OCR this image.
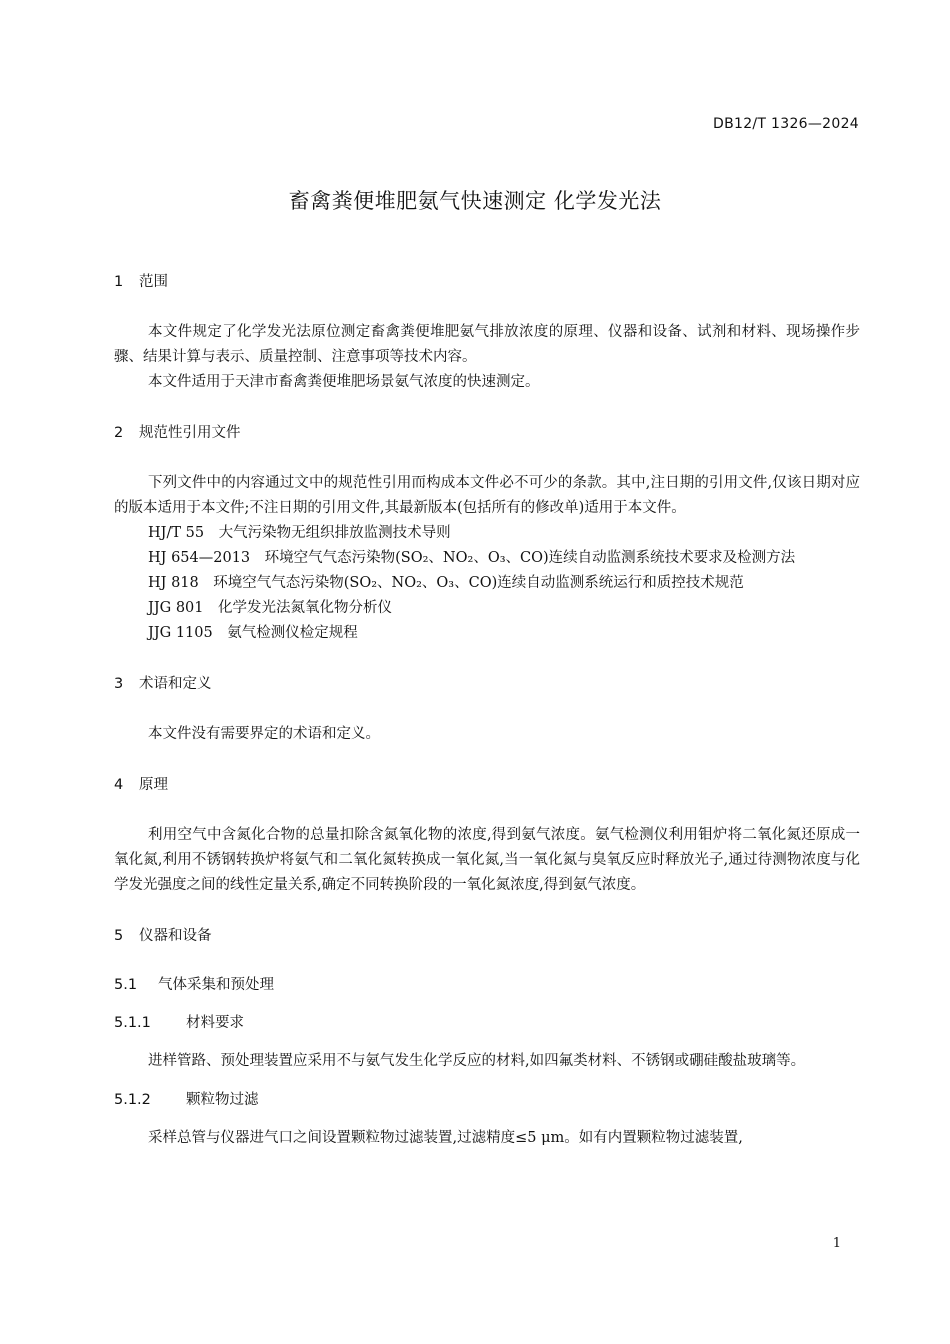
DB12/T 1326—2024
畜禽粪便堆肥氨气快速测定 化学发光法
1 范围
本文件规定了化学发光法原位测定畜禽粪便堆肥氨气排放浓度的原理、仪器和设备、试剂和材料、现场操作步骤、结果计算与表示、质量控制、注意事项等技术内容。
本文件适用于天津市畜禽粪便堆肥场景氨气浓度的快速测定。
2 规范性引用文件
下列文件中的内容通过文中的规范性引用而构成本文件必不可少的条款。其中,注日期的引用文件,仅该日期对应的版本适用于本文件;不注日期的引用文件,其最新版本(包括所有的修改单)适用于本文件。
HJ/T 55　大气污染物无组织排放监测技术导则
HJ 654—2013　环境空气气态污染物(SO₂、NO₂、O₃、CO)连续自动监测系统技术要求及检测方法
HJ 818　环境空气气态污染物(SO₂、NO₂、O₃、CO)连续自动监测系统运行和质控技术规范
JJG 801　化学发光法氮氧化物分析仪
JJG 1105　氨气检测仪检定规程
3 术语和定义
本文件没有需要界定的术语和定义。
4 原理
利用空气中含氮化合物的总量扣除含氮氧化物的浓度,得到氨气浓度。氨气检测仪利用钼炉将二氧化氮还原成一氧化氮,利用不锈钢转换炉将氨气和二氧化氮转换成一氧化氮,当一氧化氮与臭氧反应时释放光子,通过待测物浓度与化学发光强度之间的线性定量关系,确定不同转换阶段的一氧化氮浓度,得到氨气浓度。
5 仪器和设备
5.1 气体采集和预处理
5.1.1 材料要求
进样管路、预处理装置应采用不与氨气发生化学反应的材料,如四氟类材料、不锈钢或硼硅酸盐玻璃等。
5.1.2 颗粒物过滤
采样总管与仪器进气口之间设置颗粒物过滤装置,过滤精度≤5 μm。如有内置颗粒物过滤装置,
1
